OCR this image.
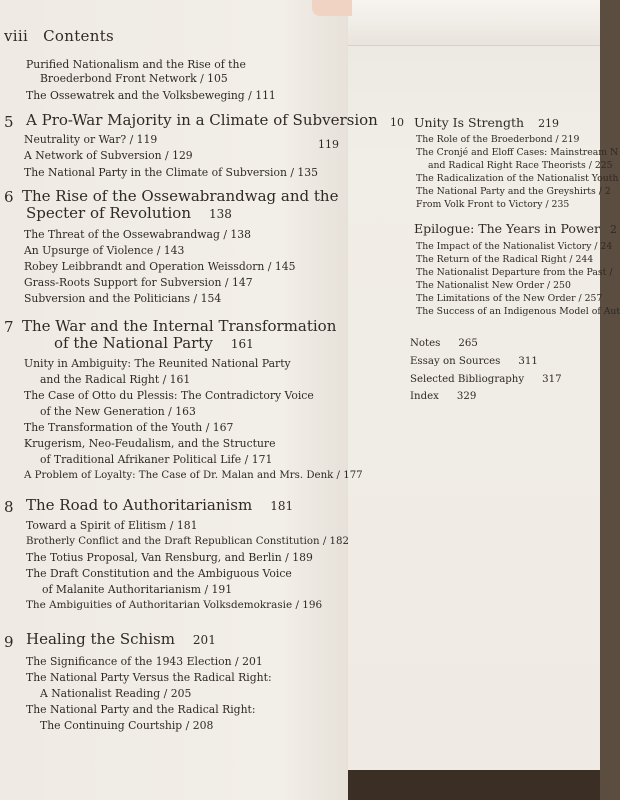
viii Contents
Purified Nationalism and the Rise of the
Broederbond Front Network / 105
The Ossewatrek and the Volksbeweging / 111
5 A Pro-War Majority in a Climate of Subversion
119
Neutrality or War? / 119
A Network of Subversion / 129
The National Party in the Climate of Subversion / 135
6 The Rise of the Ossewabrandwag and the
Specter of Revolution 138
The Threat of the Ossewabrandwag / 138
An Upsurge of Violence / 143
Robey Leibbrandt and Operation Weissdorn / 145
Grass-Roots Support for Subversion / 147
Subversion and the Politicians / 154
7 The War and the Internal Transformation
of the National Party 161
Unity in Ambiguity: The Reunited National Party
and the Radical Right / 161
The Case of Otto du Plessis: The Contradictory Voice
of the New Generation / 163
The Transformation of the Youth / 167
Krugerism, Neo-Feudalism, and the Structure
of Traditional Afrikaner Political Life / 171
A Problem of Loyalty: The Case of Dr. Malan and Mrs. Denk / 177
8 The Road to Authoritarianism 181
Toward a Spirit of Elitism / 181
Brotherly Conflict and the Draft Republican Constitution / 182
The Totius Proposal, Van Rensburg, and Berlin / 189
The Draft Constitution and the Ambiguous Voice
of Malanite Authoritarianism / 191
The Ambiguities of Authoritarian Volksdemokrasie / 196
9 Healing the Schism 201
The Significance of the 1943 Election / 201
The National Party Versus the Radical Right:
A Nationalist Reading / 205
The National Party and the Radical Right:
The Continuing Courtship / 208
10 Unity Is Strength 219
The Role of the Broederbond / 219
The Cronjé and Eloff Cases: Mainstream N
and Radical Right Race Theorists / 225
The Radicalization of the Nationalist Youth
The National Party and the Greyshirts / 2
From Volk Front to Victory / 235
Epilogue: The Years in Power 2
The Impact of the Nationalist Victory / 24
The Return of the Radical Right / 244
The Nationalist Departure from the Past /
The Nationalist New Order / 250
The Limitations of the New Order / 257
The Success of an Indigenous Model of Aut
Notes 265
Essay on Sources 311
Selected Bibliography 317
Index 329
